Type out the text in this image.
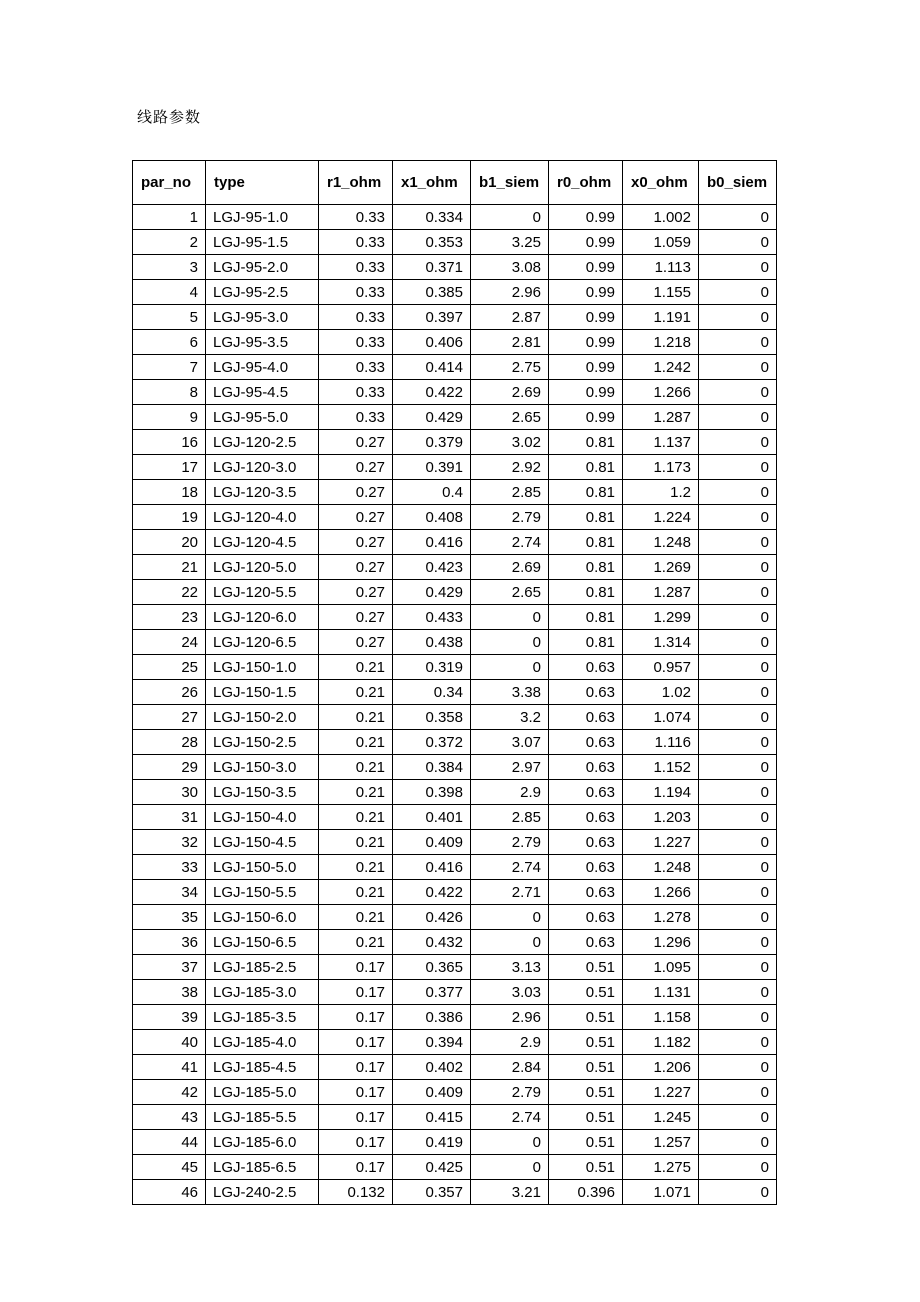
线路参数
par_no	type	r1_ohm	x1_ohm	b1_siem	r0_ohm	x0_ohm	b0_siem
1	LGJ-95-1.0	0.33	0.334	0	0.99	1.002	0
2	LGJ-95-1.5	0.33	0.353	3.25	0.99	1.059	0
3	LGJ-95-2.0	0.33	0.371	3.08	0.99	1.113	0
4	LGJ-95-2.5	0.33	0.385	2.96	0.99	1.155	0
5	LGJ-95-3.0	0.33	0.397	2.87	0.99	1.191	0
6	LGJ-95-3.5	0.33	0.406	2.81	0.99	1.218	0
7	LGJ-95-4.0	0.33	0.414	2.75	0.99	1.242	0
8	LGJ-95-4.5	0.33	0.422	2.69	0.99	1.266	0
9	LGJ-95-5.0	0.33	0.429	2.65	0.99	1.287	0
16	LGJ-120-2.5	0.27	0.379	3.02	0.81	1.137	0
17	LGJ-120-3.0	0.27	0.391	2.92	0.81	1.173	0
18	LGJ-120-3.5	0.27	0.4	2.85	0.81	1.2	0
19	LGJ-120-4.0	0.27	0.408	2.79	0.81	1.224	0
20	LGJ-120-4.5	0.27	0.416	2.74	0.81	1.248	0
21	LGJ-120-5.0	0.27	0.423	2.69	0.81	1.269	0
22	LGJ-120-5.5	0.27	0.429	2.65	0.81	1.287	0
23	LGJ-120-6.0	0.27	0.433	0	0.81	1.299	0
24	LGJ-120-6.5	0.27	0.438	0	0.81	1.314	0
25	LGJ-150-1.0	0.21	0.319	0	0.63	0.957	0
26	LGJ-150-1.5	0.21	0.34	3.38	0.63	1.02	0
27	LGJ-150-2.0	0.21	0.358	3.2	0.63	1.074	0
28	LGJ-150-2.5	0.21	0.372	3.07	0.63	1.116	0
29	LGJ-150-3.0	0.21	0.384	2.97	0.63	1.152	0
30	LGJ-150-3.5	0.21	0.398	2.9	0.63	1.194	0
31	LGJ-150-4.0	0.21	0.401	2.85	0.63	1.203	0
32	LGJ-150-4.5	0.21	0.409	2.79	0.63	1.227	0
33	LGJ-150-5.0	0.21	0.416	2.74	0.63	1.248	0
34	LGJ-150-5.5	0.21	0.422	2.71	0.63	1.266	0
35	LGJ-150-6.0	0.21	0.426	0	0.63	1.278	0
36	LGJ-150-6.5	0.21	0.432	0	0.63	1.296	0
37	LGJ-185-2.5	0.17	0.365	3.13	0.51	1.095	0
38	LGJ-185-3.0	0.17	0.377	3.03	0.51	1.131	0
39	LGJ-185-3.5	0.17	0.386	2.96	0.51	1.158	0
40	LGJ-185-4.0	0.17	0.394	2.9	0.51	1.182	0
41	LGJ-185-4.5	0.17	0.402	2.84	0.51	1.206	0
42	LGJ-185-5.0	0.17	0.409	2.79	0.51	1.227	0
43	LGJ-185-5.5	0.17	0.415	2.74	0.51	1.245	0
44	LGJ-185-6.0	0.17	0.419	0	0.51	1.257	0
45	LGJ-185-6.5	0.17	0.425	0	0.51	1.275	0
46	LGJ-240-2.5	0.132	0.357	3.21	0.396	1.071	0
